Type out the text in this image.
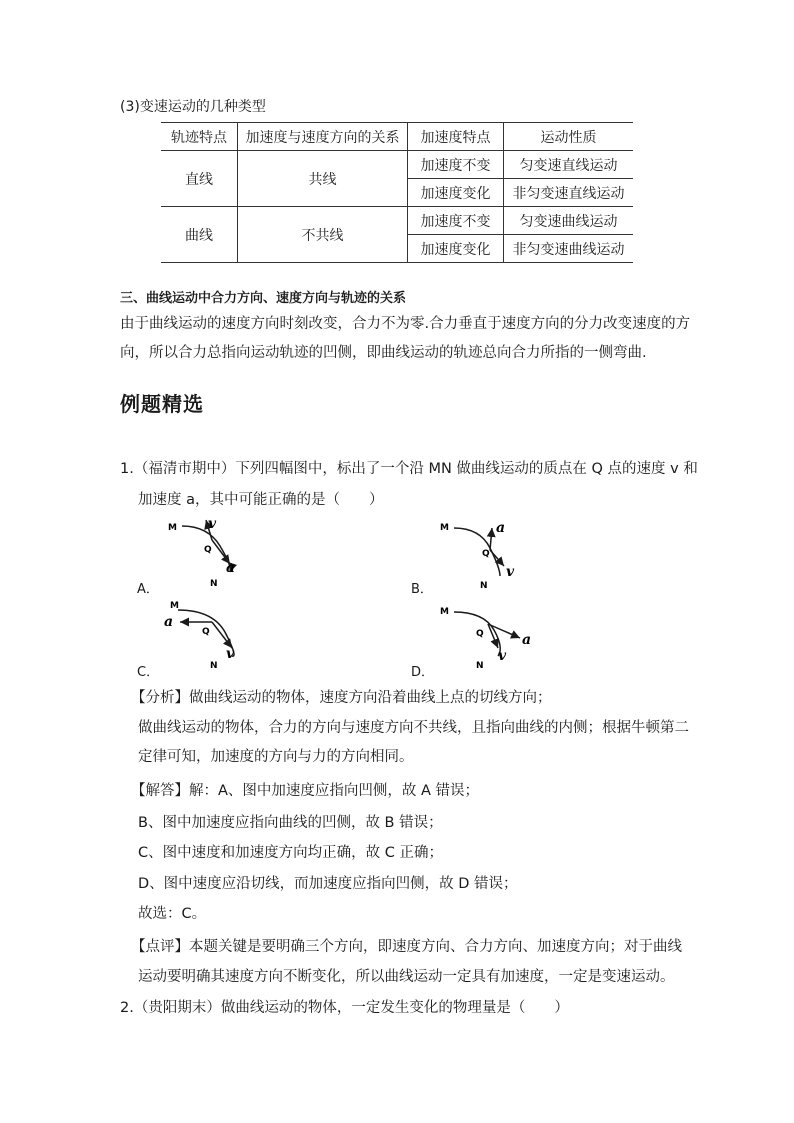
(3)变速运动的几种类型
轨迹特点	加速度与速度方向的关系	加速度特点	运动性质
直线	共线	加速度不变	匀变速直线运动
		加速度变化	非匀变速直线运动
曲线	不共线	加速度不变	匀变速曲线运动
		加速度变化	非匀变速曲线运动
三、曲线运动中合力方向、速度方向与轨迹的关系
由于曲线运动的速度方向时刻改变，合力不为零.合力垂直于速度方向的分力改变速度的方
向，所以合力总指向运动轨迹的凹侧，即曲线运动的轨迹总向合力所指的一侧弯曲.
例题精选
1.（福清市期中）下列四幅图中，标出了一个沿 MN 做曲线运动的质点在 Q 点的速度 v 和
加速度 a，其中可能正确的是（　　）
M v
Q
a
N
A．
M	a
Q
v
N
B．
M
a
Q
v
N
C．
M
a
Q
v
N
D．
【分析】做曲线运动的物体，速度方向沿着曲线上点的切线方向；
做曲线运动的物体，合力的方向与速度方向不共线，且指向曲线的内侧；根据牛顿第二
定律可知，加速度的方向与力的方向相同。
【解答】解：A、图中加速度应指向凹侧，故 A 错误；
B、图中加速度应指向曲线的凹侧，故 B 错误；
C、图中速度和加速度方向均正确，故 C 正确；
D、图中速度应沿切线，而加速度应指向凹侧，故 D 错误；
故选：C。
【点评】本题关键是要明确三个方向，即速度方向、合力方向、加速度方向；对于曲线
运动要明确其速度方向不断变化，所以曲线运动一定具有加速度，一定是变速运动。
2.（贵阳期末）做曲线运动的物体，一定发生变化的物理量是（　　）
